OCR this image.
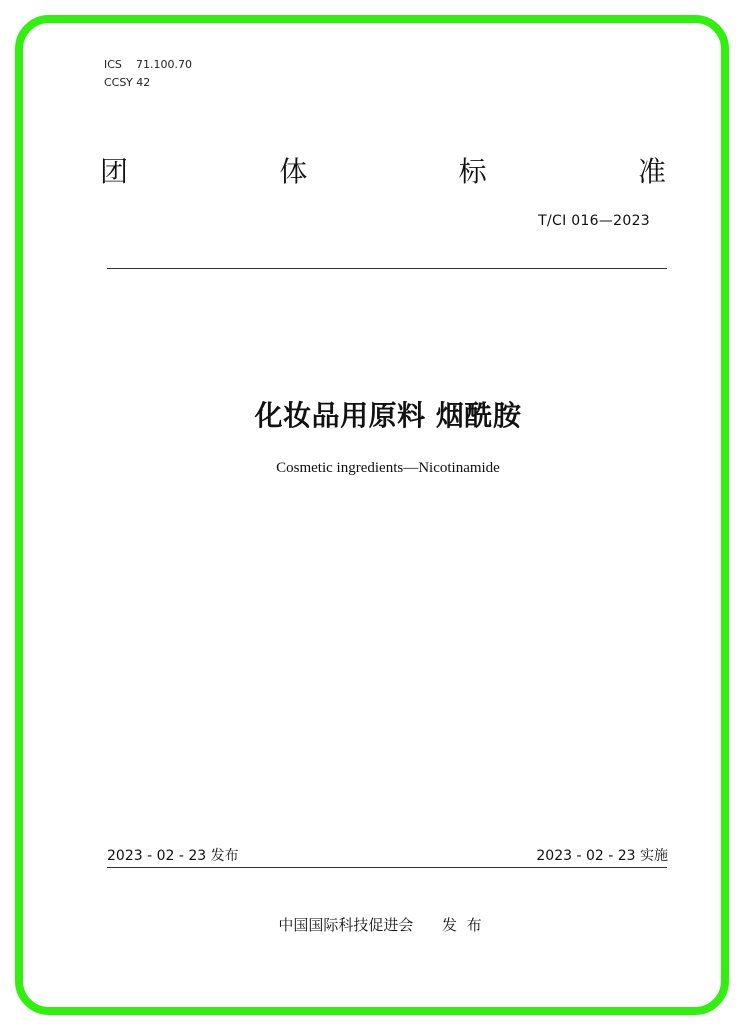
ICS 71.100.70
CCSY 42
团	体	标	准
T/CI 016—2023
化妆品用原料 烟酰胺
Cosmetic ingredients—Nicotinamide
2023 - 02 - 23 发布	2023 - 02 - 23 实施
中国国际科技促进会      发  布
